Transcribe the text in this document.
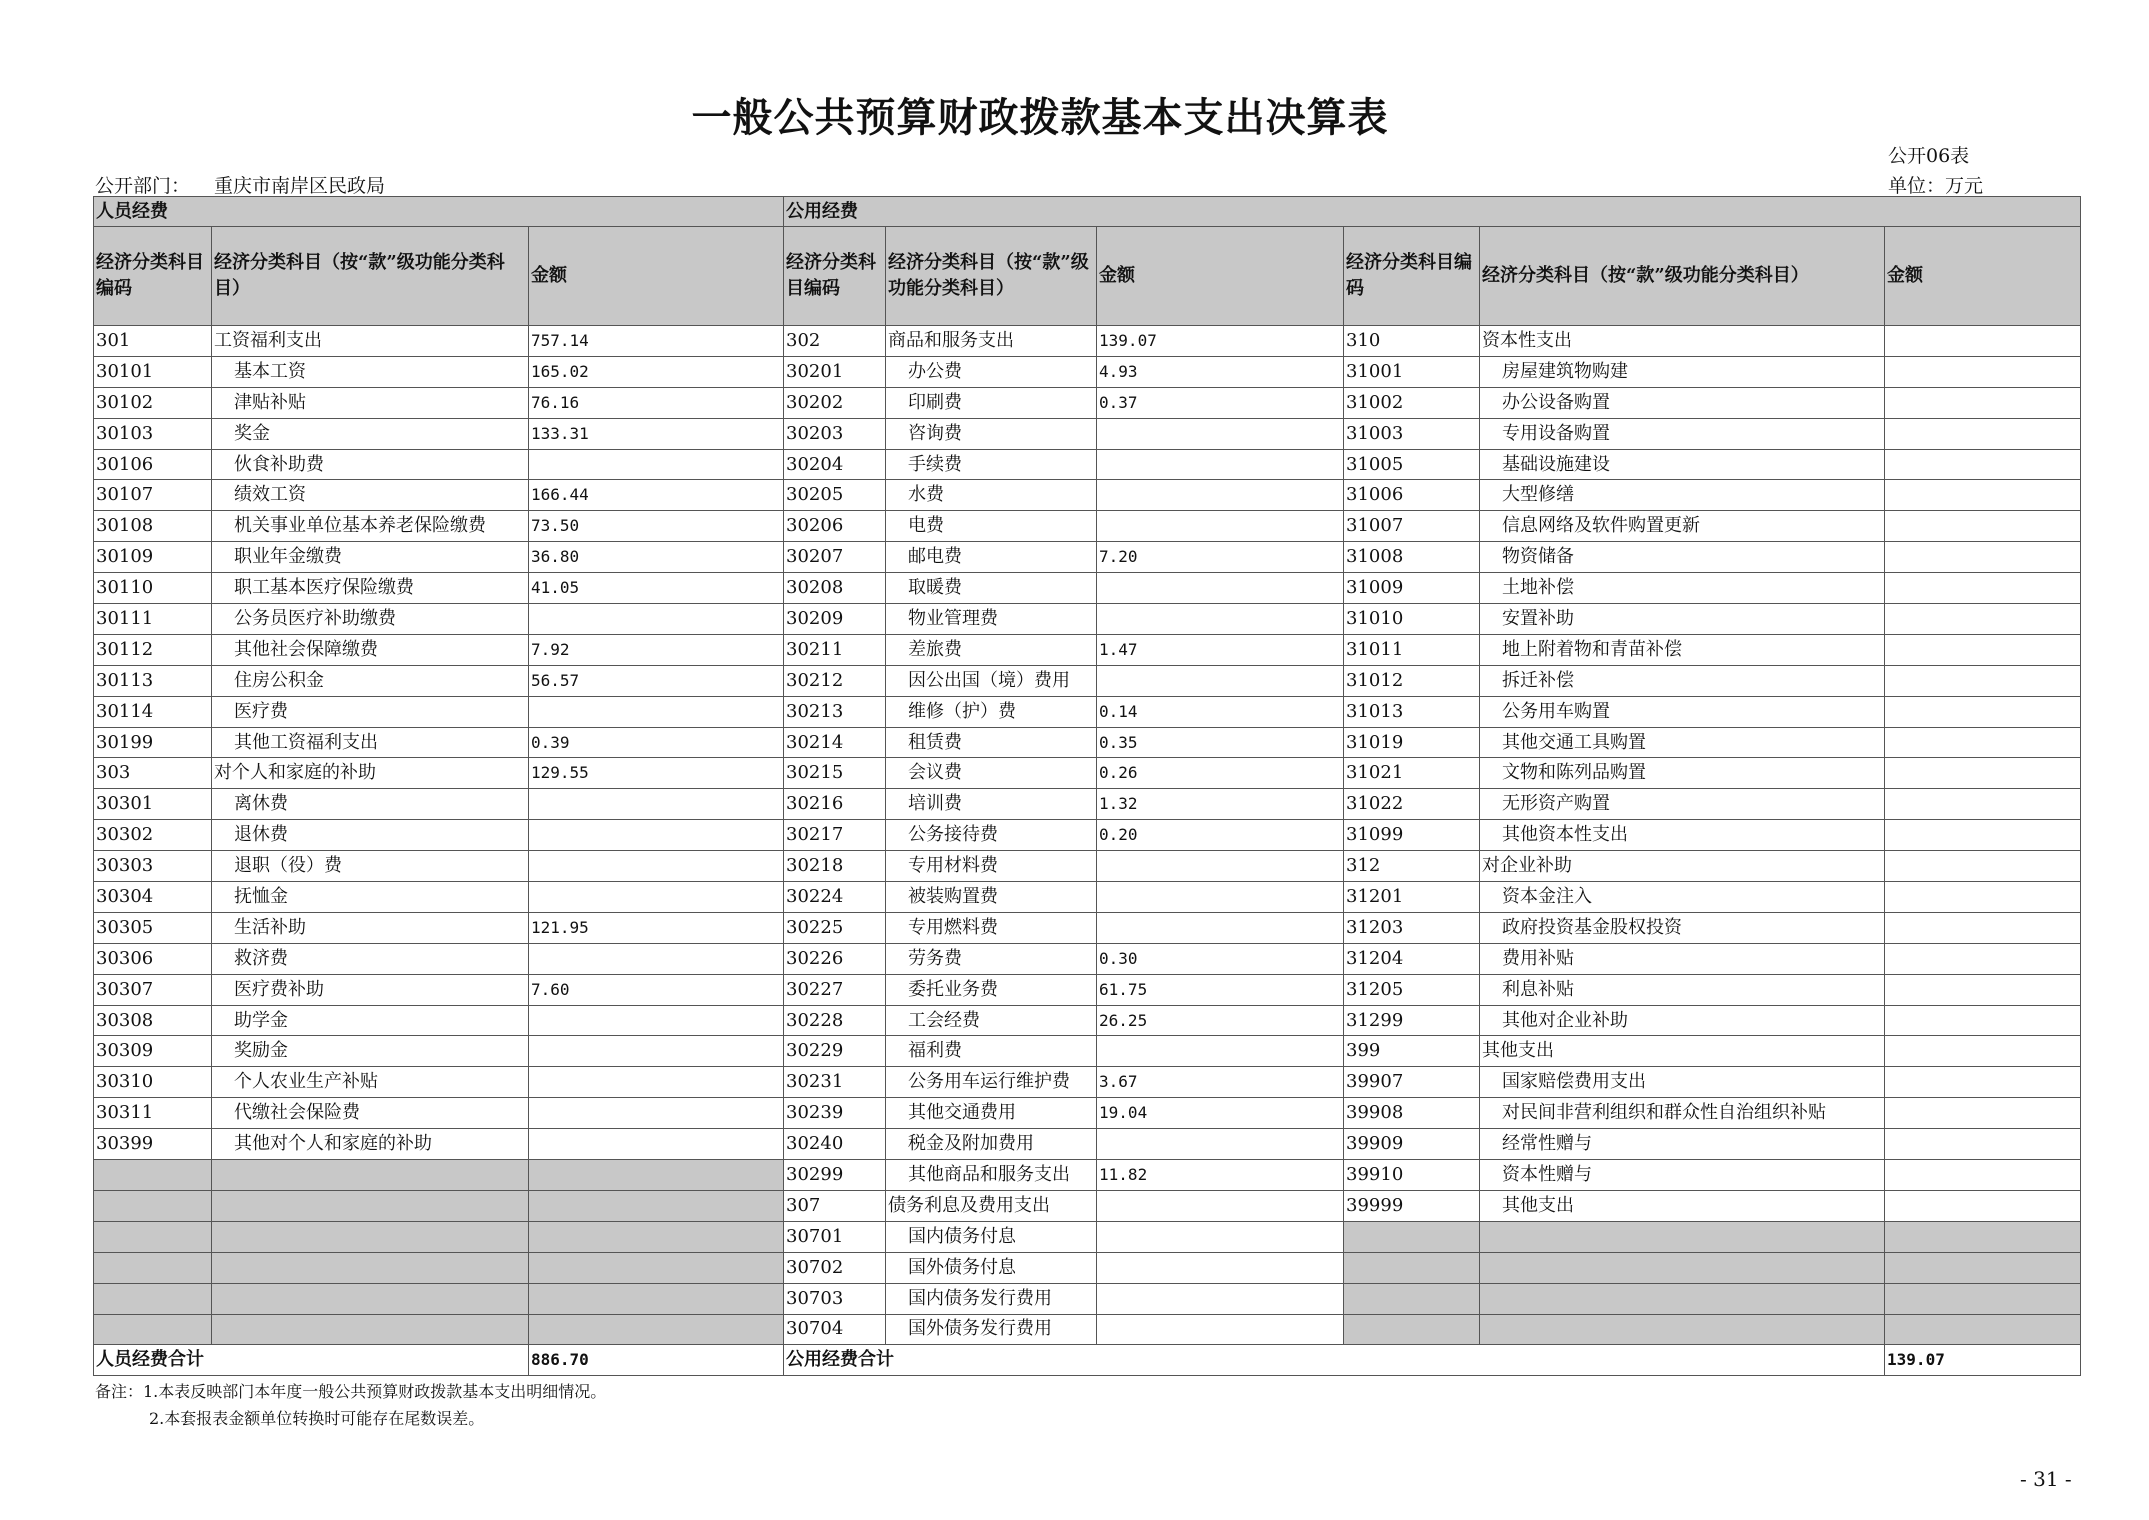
一般公共预算财政拨款基本支出决算表
公开06表
公开部门： 重庆市南岸区民政局	单位：万元
人员经费			公用经费					
经济分类科目编码	经济分类科目（按“款”级功能分类科目）	金额	经济分类科目编码	经济分类科目（按“款”级功能分类科目）	金额	经济分类科目编码	经济分类科目（按“款”级功能分类科目）	金额
301	工资福利支出	757.14	302	商品和服务支出	139.07	310	资本性支出	
30101	基本工资	165.02	30201	办公费	4.93	31001	房屋建筑物购建	
30102	津贴补贴	76.16	30202	印刷费	0.37	31002	办公设备购置	
30103	奖金	133.31	30203	咨询费		31003	专用设备购置	
30106	伙食补助费		30204	手续费		31005	基础设施建设	
30107	绩效工资	166.44	30205	水费		31006	大型修缮	
30108	机关事业单位基本养老保险缴费	73.50	30206	电费		31007	信息网络及软件购置更新	
30109	职业年金缴费	36.80	30207	邮电费	7.20	31008	物资储备	
30110	职工基本医疗保险缴费	41.05	30208	取暖费		31009	土地补偿	
30111	公务员医疗补助缴费		30209	物业管理费		31010	安置补助	
30112	其他社会保障缴费	7.92	30211	差旅费	1.47	31011	地上附着物和青苗补偿	
30113	住房公积金	56.57	30212	因公出国（境）费用		31012	拆迁补偿	
30114	医疗费		30213	维修（护）费	0.14	31013	公务用车购置	
30199	其他工资福利支出	0.39	30214	租赁费	0.35	31019	其他交通工具购置	
303	对个人和家庭的补助	129.55	30215	会议费	0.26	31021	文物和陈列品购置	
30301	离休费		30216	培训费	1.32	31022	无形资产购置	
30302	退休费		30217	公务接待费	0.20	31099	其他资本性支出	
30303	退职（役）费		30218	专用材料费		312	对企业补助	
30304	抚恤金		30224	被装购置费		31201	资本金注入	
30305	生活补助	121.95	30225	专用燃料费		31203	政府投资基金股权投资	
30306	救济费		30226	劳务费	0.30	31204	费用补贴	
30307	医疗费补助	7.60	30227	委托业务费	61.75	31205	利息补贴	
30308	助学金		30228	工会经费	26.25	31299	其他对企业补助	
30309	奖励金		30229	福利费		399	其他支出	
30310	个人农业生产补贴		30231	公务用车运行维护费	3.67	39907	国家赔偿费用支出	
30311	代缴社会保险费		30239	其他交通费用	19.04	39908	对民间非营利组织和群众性自治组织补贴	
30399	其他对个人和家庭的补助		30240	税金及附加费用		39909	经常性赠与	
			30299	其他商品和服务支出	11.82	39910	资本性赠与	
			307	债务利息及费用支出		39999	其他支出	
			30701	国内债务付息				
			30702	国外债务付息				
			30703	国内债务发行费用				
			30704	国外债务发行费用				
人员经费合计		886.70	公用经费合计					139.07
备注：1.本表反映部门本年度一般公共预算财政拨款基本支出明细情况。
2.本套报表金额单位转换时可能存在尾数误差。
- 31 -
